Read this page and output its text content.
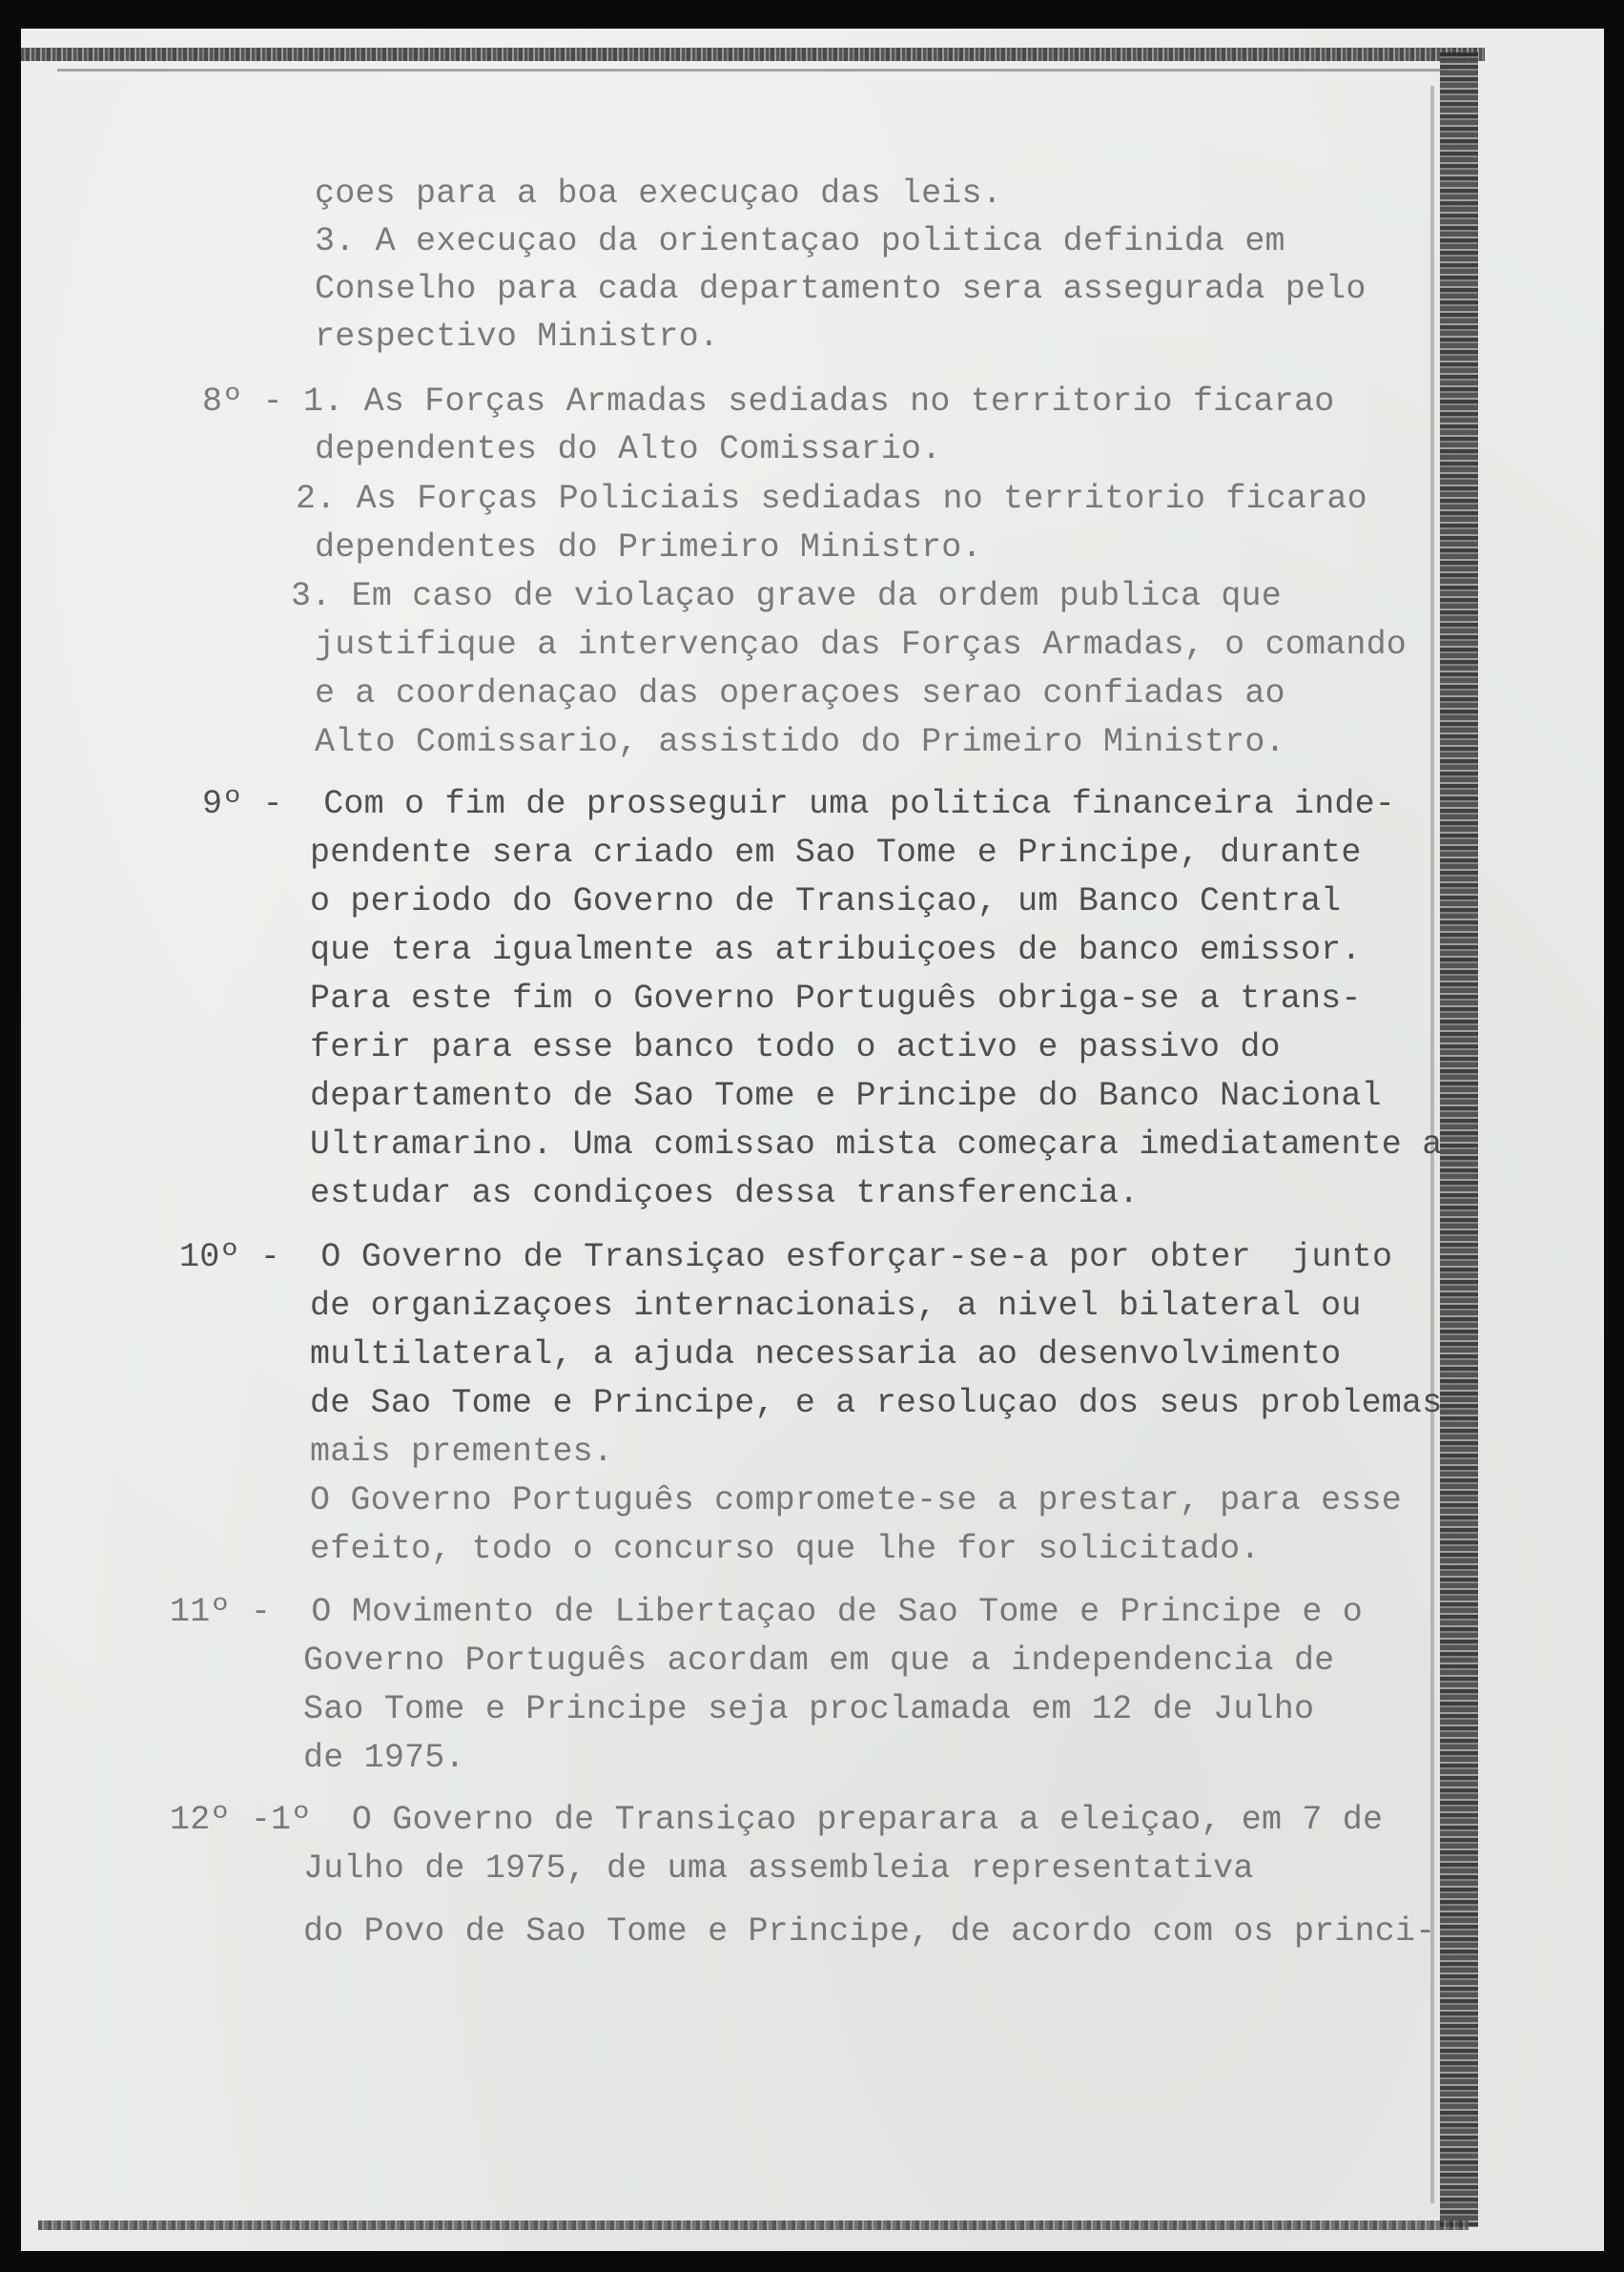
çoes para a boa execuçao das leis.
3. A execuçao da orientaçao politica definida em
Conselho para cada departamento sera assegurada pelo
respectivo Ministro.
8º - 1. As Forças Armadas sediadas no territorio ficarao
dependentes do Alto Comissario.
2. As Forças Policiais sediadas no territorio ficarao
dependentes do Primeiro Ministro.
3. Em caso de violaçao grave da ordem publica que
justifique a intervençao das Forças Armadas, o comando
e a coordenaçao das operaçoes serao confiadas ao
Alto Comissario, assistido do Primeiro Ministro.
9º -  Com o fim de prosseguir uma politica financeira inde-
pendente sera criado em Sao Tome e Principe, durante
o periodo do Governo de Transiçao, um Banco Central
que tera igualmente as atribuiçoes de banco emissor.
Para este fim o Governo Português obriga-se a trans-
ferir para esse banco todo o activo e passivo do
departamento de Sao Tome e Principe do Banco Nacional
Ultramarino. Uma comissao mista começara imediatamente a
estudar as condiçoes dessa transferencia.
10º -  O Governo de Transiçao esforçar-se-a por obter  junto
de organizaçoes internacionais, a nivel bilateral ou
multilateral, a ajuda necessaria ao desenvolvimento
de Sao Tome e Principe, e a resoluçao dos seus problemas
mais prementes.
O Governo Português compromete-se a prestar, para esse
efeito, todo o concurso que lhe for solicitado.
11º -  O Movimento de Libertaçao de Sao Tome e Principe e o
Governo Português acordam em que a independencia de
Sao Tome e Principe seja proclamada em 12 de Julho
de 1975.
12º -1º  O Governo de Transiçao preparara a eleiçao, em 7 de
Julho de 1975, de uma assembleia representativa
do Povo de Sao Tome e Principe, de acordo com os princi-
